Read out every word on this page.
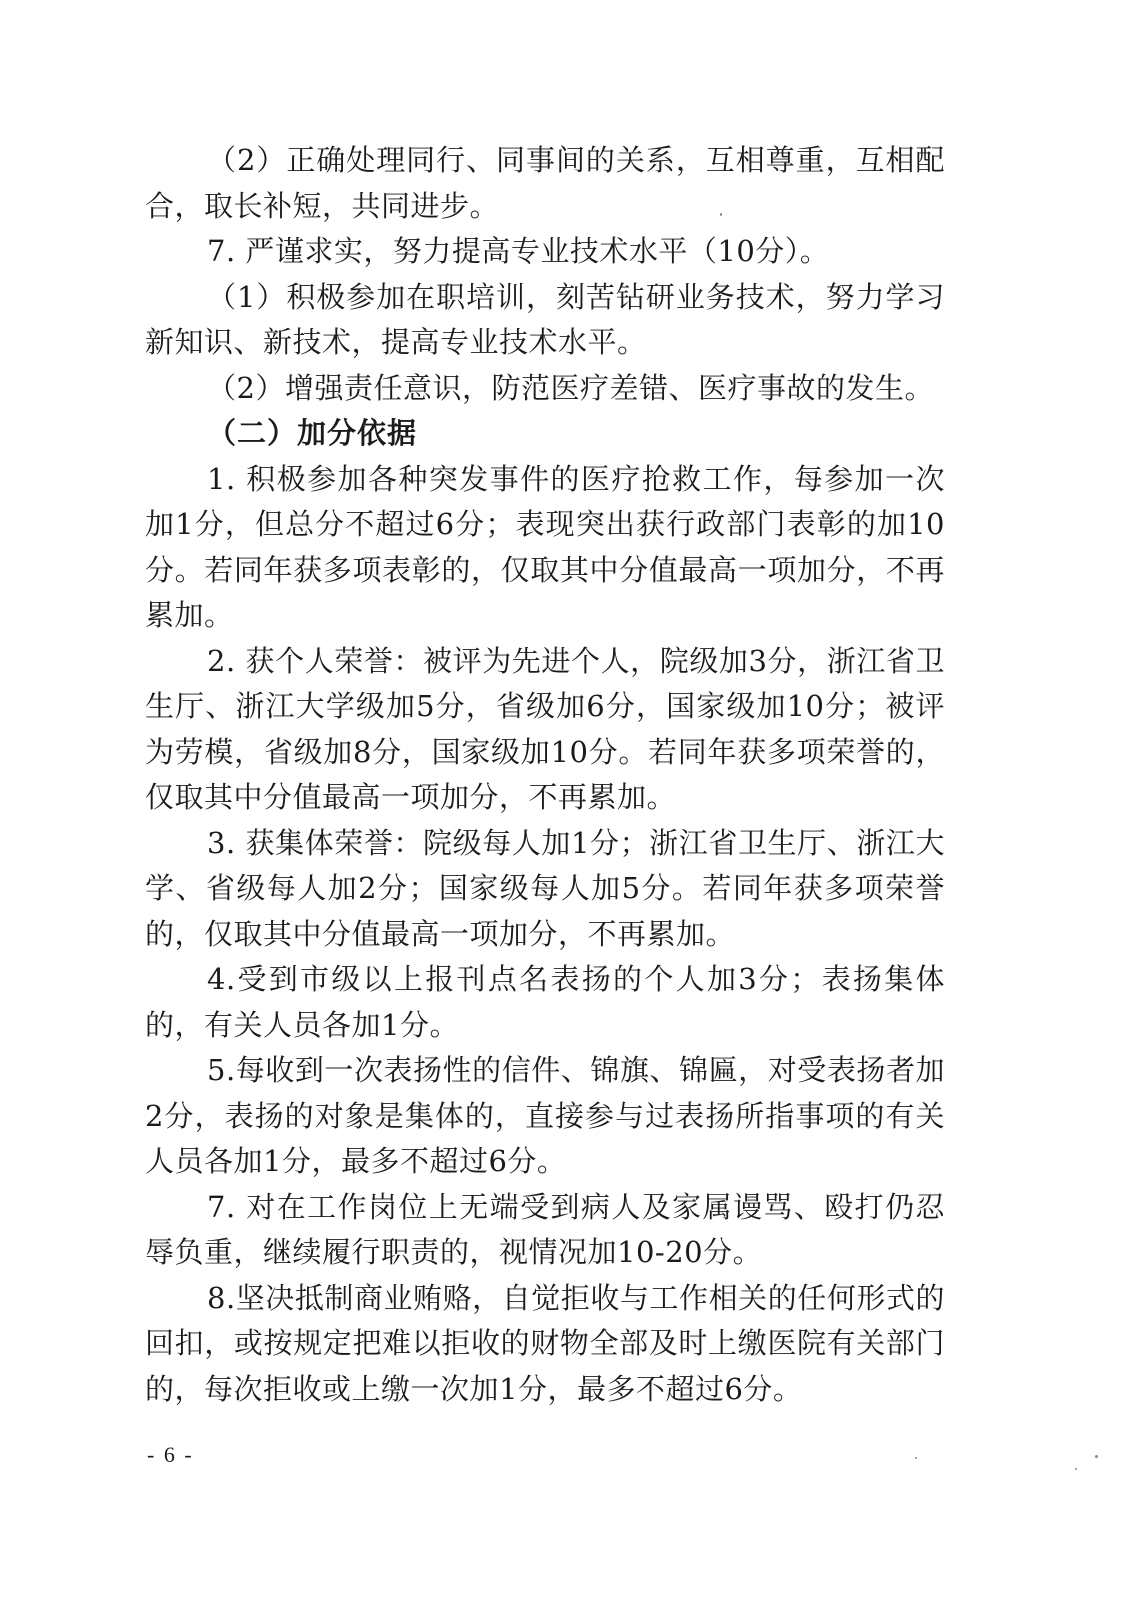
（2）正确处理同行、同事间的关系，互相尊重，互相配合，取长补短，共同进步。

7. 严谨求实，努力提高专业技术水平（10分）。

（1）积极参加在职培训，刻苦钻研业务技术，努力学习新知识、新技术，提高专业技术水平。

（2）增强责任意识，防范医疗差错、医疗事故的发生。

（二）加分依据

1. 积极参加各种突发事件的医疗抢救工作，每参加一次加1分，但总分不超过6分；表现突出获行政部门表彰的加10分。若同年获多项表彰的，仅取其中分值最高一项加分，不再累加。

2. 获个人荣誉：被评为先进个人，院级加3分，浙江省卫生厅、浙江大学级加5分，省级加6分，国家级加10分；被评为劳模，省级加8分，国家级加10分。若同年获多项荣誉的，仅取其中分值最高一项加分，不再累加。

3. 获集体荣誉：院级每人加1分；浙江省卫生厅、浙江大学、省级每人加2分；国家级每人加5分。若同年获多项荣誉的，仅取其中分值最高一项加分，不再累加。

4.受到市级以上报刊点名表扬的个人加3分；表扬集体的，有关人员各加1分。

5.每收到一次表扬性的信件、锦旗、锦匾，对受表扬者加2分，表扬的对象是集体的，直接参与过表扬所指事项的有关人员各加1分，最多不超过6分。

7. 对在工作岗位上无端受到病人及家属谩骂、殴打仍忍辱负重，继续履行职责的，视情况加10-20分。

8.坚决抵制商业贿赂，自觉拒收与工作相关的任何形式的回扣，或按规定把难以拒收的财物全部及时上缴医院有关部门的，每次拒收或上缴一次加1分，最多不超过6分。

- 6 -
